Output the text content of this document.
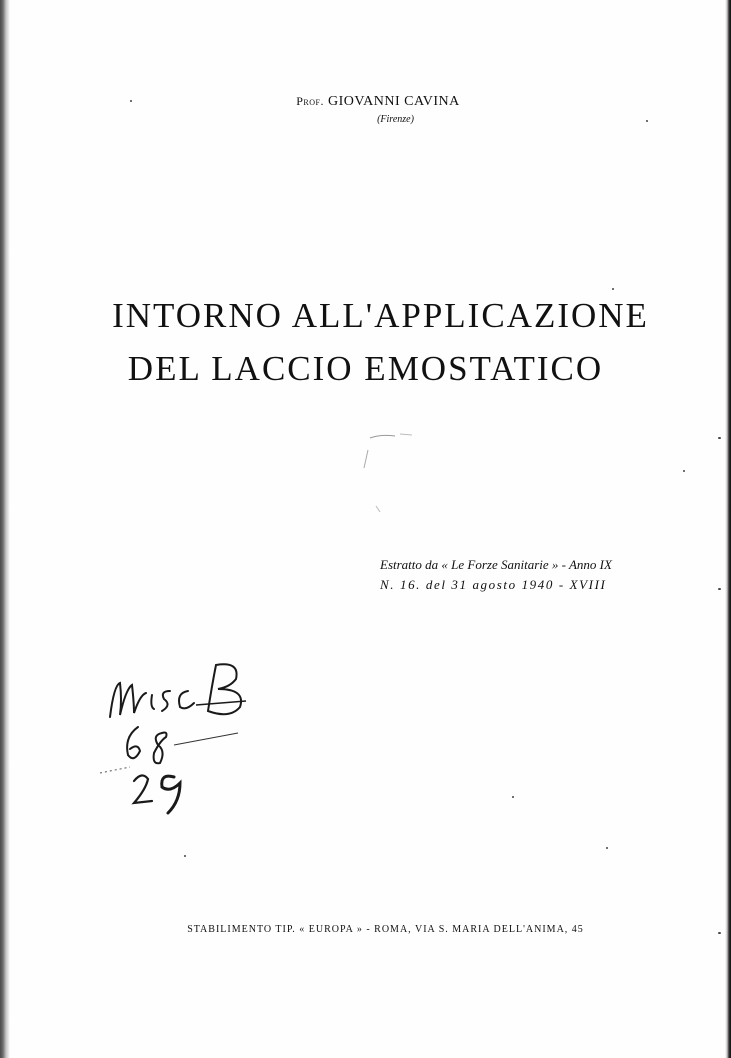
Prof. GIOVANNI CAVINA
(Firenze)
INTORNO ALL'APPLICAZIONE
DEL LACCIO EMOSTATICO
Estratto da « Le Forze Sanitarie » - Anno IX
N. 16. del 31 agosto 1940 - XVIII
STABILIMENTO TIP. « EUROPA » - ROMA, VIA S. MARIA DELL'ANIMA, 45
